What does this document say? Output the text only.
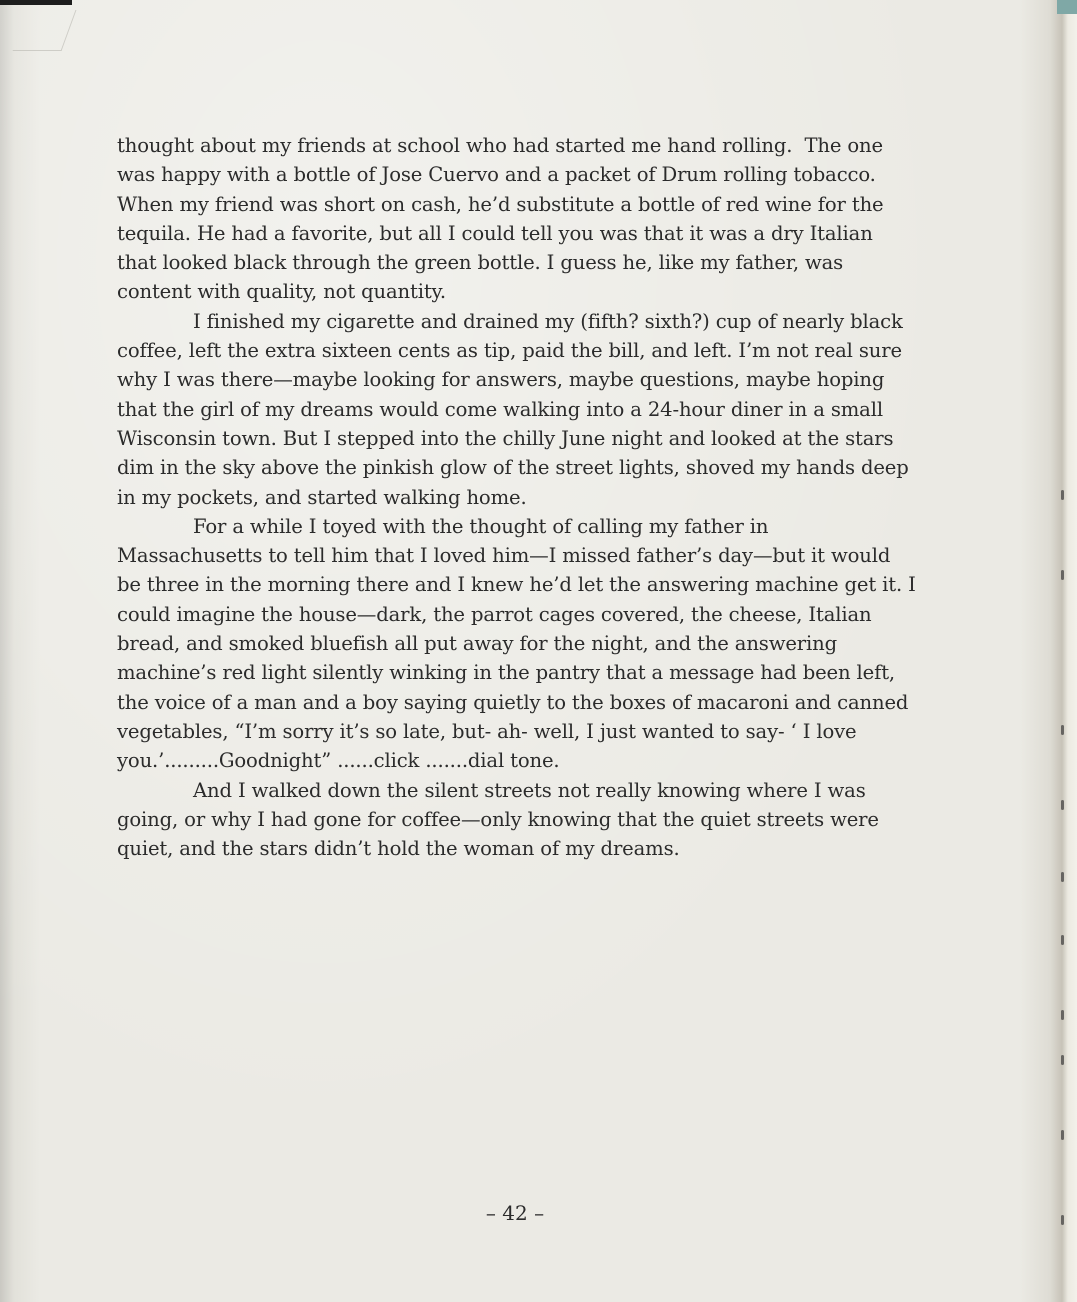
thought about my friends at school who had started me hand rolling.  The one
was happy with a bottle of Jose Cuervo and a packet of Drum rolling tobacco.
When my friend was short on cash, he’d substitute a bottle of red wine for the
tequila. He had a favorite, but all I could tell you was that it was a dry Italian
that looked black through the green bottle. I guess he, like my father, was
content with quality, not quantity.
I finished my cigarette and drained my (fifth? sixth?) cup of nearly black
coffee, left the extra sixteen cents as tip, paid the bill, and left. I’m not real sure
why I was there—maybe looking for answers, maybe questions, maybe hoping
that the girl of my dreams would come walking into a 24-hour diner in a small
Wisconsin town. But I stepped into the chilly June night and looked at the stars
dim in the sky above the pinkish glow of the street lights, shoved my hands deep
in my pockets, and started walking home.
For a while I toyed with the thought of calling my father in
Massachusetts to tell him that I loved him—I missed father’s day—but it would
be three in the morning there and I knew he’d let the answering machine get it. I
could imagine the house—dark, the parrot cages covered, the cheese, Italian
bread, and smoked bluefish all put away for the night, and the answering
machine’s red light silently winking in the pantry that a message had been left,
the voice of a man and a boy saying quietly to the boxes of macaroni and canned
vegetables, “I’m sorry it’s so late, but- ah- well, I just wanted to say- ‘ I love
you.’.........Goodnight” ......click .......dial tone.
And I walked down the silent streets not really knowing where I was
going, or why I had gone for coffee—only knowing that the quiet streets were
quiet, and the stars didn’t hold the woman of my dreams.
– 42 –
